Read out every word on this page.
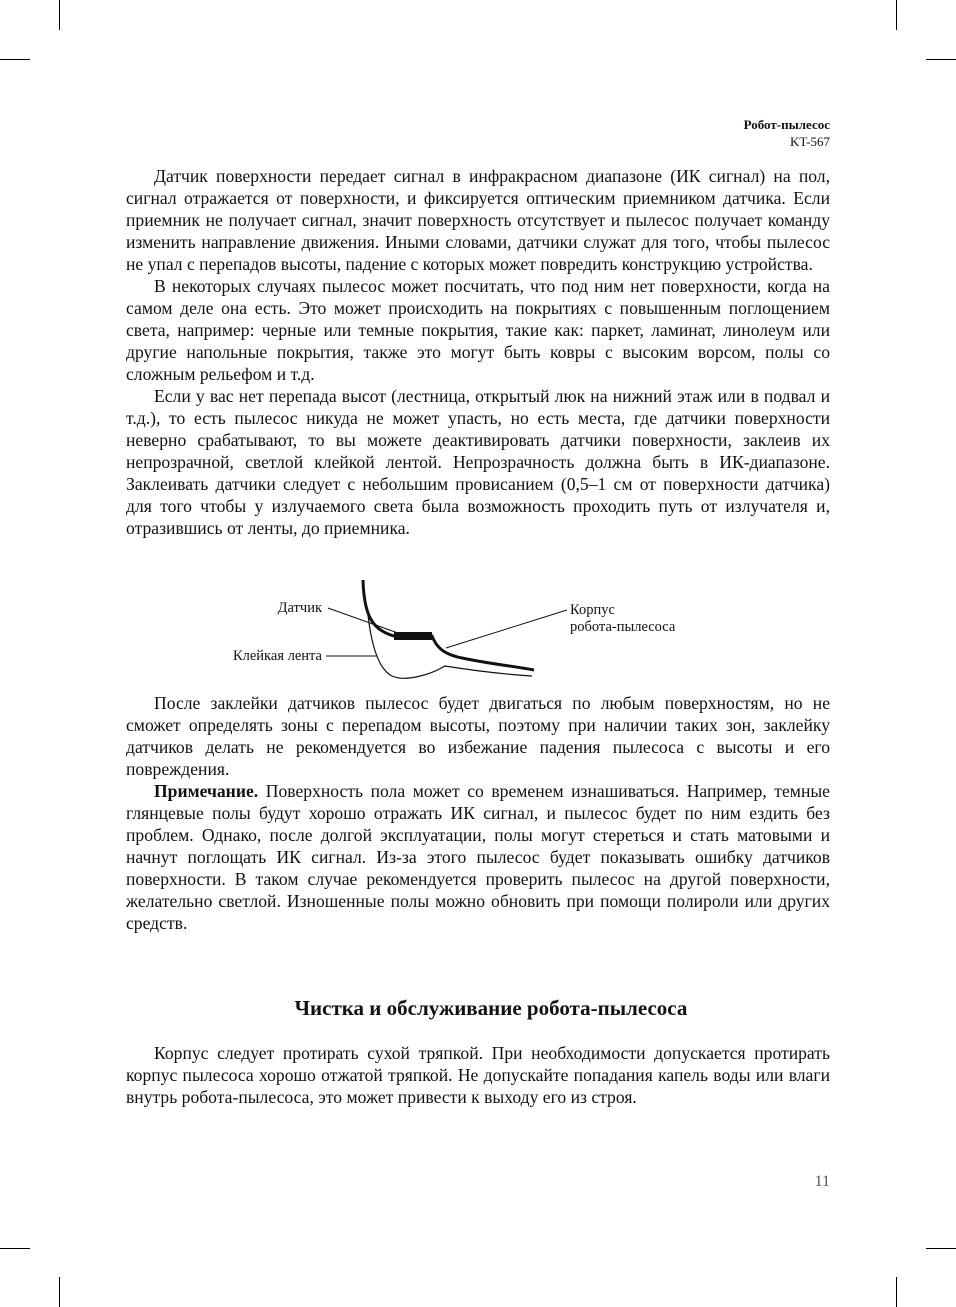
Робот-пылесос
KT-567

Датчик поверхности передает сигнал в инфракрасном диапазоне (ИК сигнал) на пол, сигнал отражается от поверхности, и фиксируется оптическим приемником датчика. Если приемник не получает сигнал, значит поверхность отсутствует и пылесос получает команду изменить направление движения. Иными словами, датчики служат для того, чтобы пылесос не упал с перепадов высоты, падение с которых может повредить конструкцию устройства.

В некоторых случаях пылесос может посчитать, что под ним нет поверхности, когда на самом деле она есть. Это может происходить на покрытиях с повышенным поглощением света, например: черные или темные покрытия, такие как: паркет, ламинат, линолеум или другие напольные покрытия, также это могут быть ковры с высоким ворсом, полы со сложным рельефом и т.д.

Если у вас нет перепада высот (лестница, открытый люк на нижний этаж или в подвал и т.д.), то есть пылесос никуда не может упасть, но есть места, где датчики поверхности неверно срабатывают, то вы можете деактивировать датчики поверхности, заклеив их непрозрачной, светлой клейкой лентой. Непрозрачность должна быть в ИК-диапазоне. Заклеивать датчики следует с небольшим провисанием (0,5–1 см от поверхности датчика) для того чтобы у излучаемого света была возможность проходить путь от излучателя и, отразившись от ленты, до приемника.

Датчик
Клейкая лента
Корпус
робота-пылесоса

После заклейки датчиков пылесос будет двигаться по любым поверхностям, но не сможет определять зоны с перепадом высоты, поэтому при наличии таких зон, заклейку датчиков делать не рекомендуется во избежание падения пылесоса с высоты и его повреждения.

Примечание. Поверхность пола может со временем изнашиваться. Например, темные глянцевые полы будут хорошо отражать ИК сигнал, и пылесос будет по ним ездить без проблем. Однако, после долгой эксплуатации, полы могут стереться и стать матовыми и начнут поглощать ИК сигнал. Из-за этого пылесос будет показывать ошибку датчиков поверхности. В таком случае рекомендуется проверить пылесос на другой поверхности, желательно светлой. Изношенные полы можно обновить при помощи полироли или других средств.

Чистка и обслуживание робота-пылесоса

Корпус следует протирать сухой тряпкой. При необходимости допускается протирать корпус пылесоса хорошо отжатой тряпкой. Не допускайте попадания капель воды или влаги внутрь робота-пылесоса, это может привести к выходу его из строя.

11
